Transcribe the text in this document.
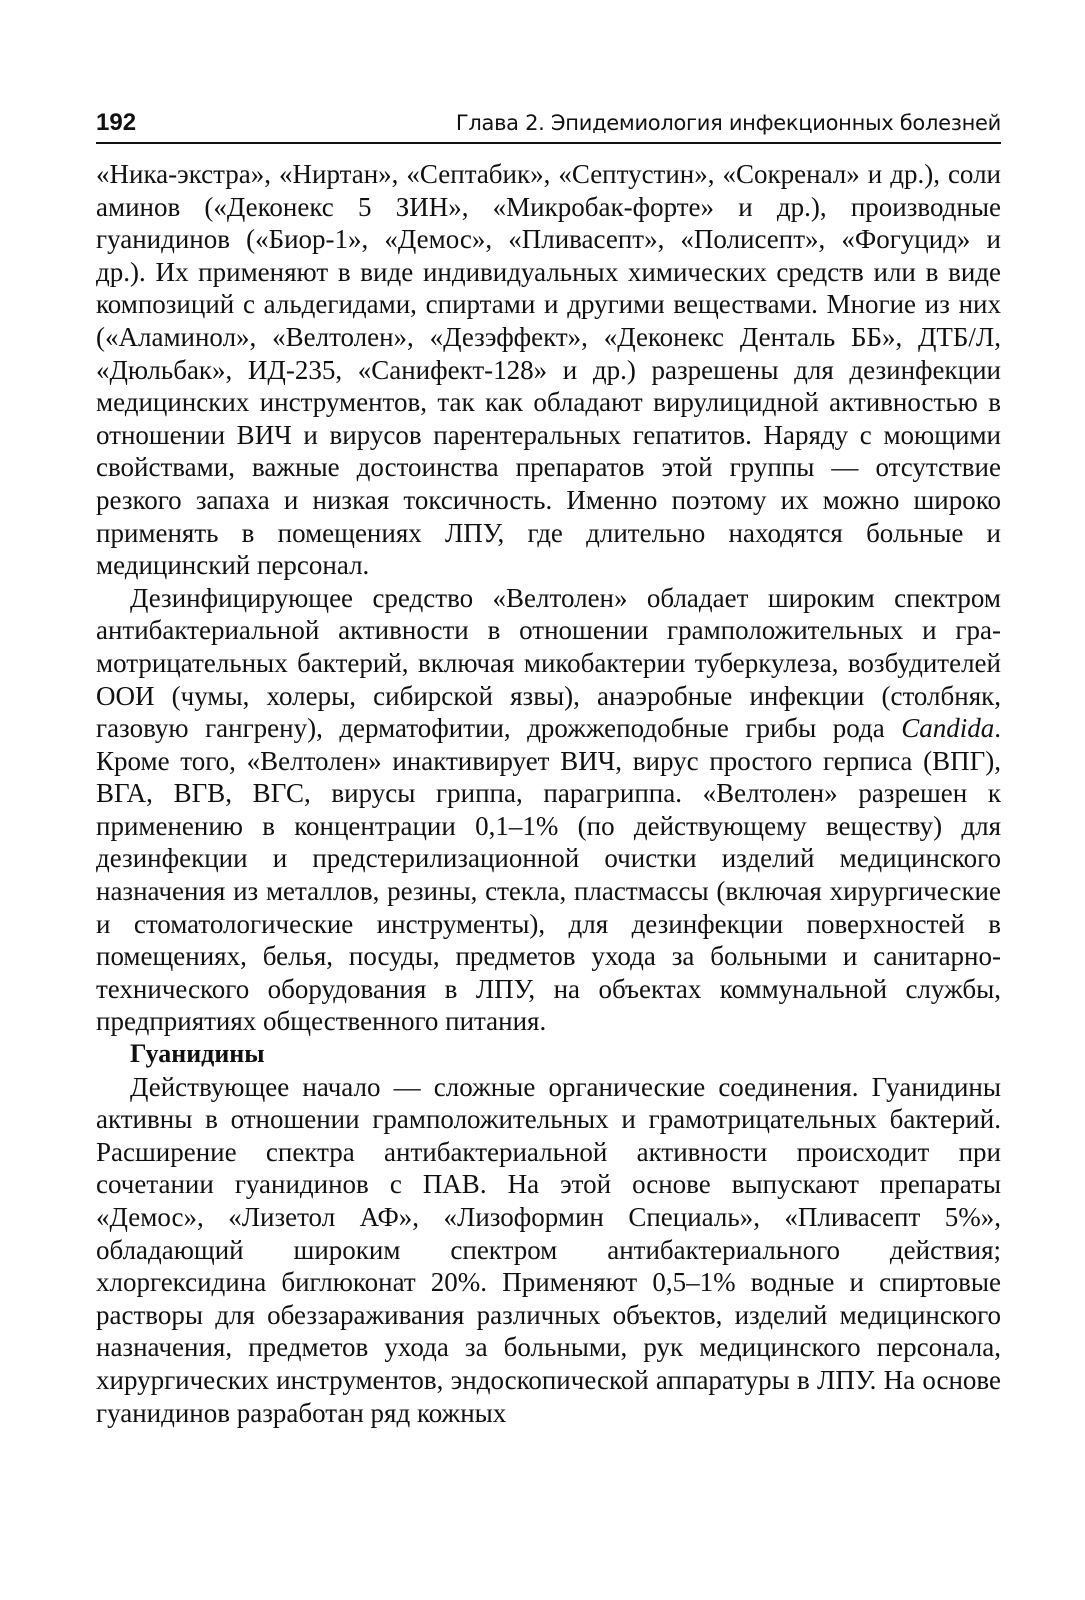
192	Глава 2. Эпидемиология инфекционных болезней

«Ника-экстра», «Ниртан», «Септабик», «Септустин», «Сокренал» и др.), соли аминов («Деконекс 5 ЗИН», «Микробак-форте» и др.), производные гуанидинов («Биор-1», «Демос», «Пливасепт», «Полисепт», «Фогуцид» и др.). Их применяют в виде индивидуальных химических средств или в виде композиций с альдегидами, спиртами и другими веществами. Многие из них («Аламинол», «Велтолен», «Дезэффект», «Деконекс Денталь ББ», ДТБ/Л, «Дюльбак», ИД-235, «Санифект-128» и др.) разрешены для дезинфекции медицинских инструментов, так как обладают вирулицидной активностью в отношении ВИЧ и вирусов парентеральных гепатитов. Наряду с моющими свойствами, важные достоинства препаратов этой группы — отсутствие резкого запаха и низкая токсичность. Именно поэтому их можно широко применять в помещениях ЛПУ, где длительно находятся больные и медицинский персонал.

Дезинфицирующее средство «Велтолен» обладает широким спектром антибактериальной активности в отношении грамположительных и грамотрицательных бактерий, включая микобактерии туберкулеза, возбудителей ООИ (чумы, холеры, сибирской язвы), анаэробные инфекции (столбняк, газовую гангрену), дерматофитии, дрожжеподобные грибы рода Candida. Кроме того, «Велтолен» инактивирует ВИЧ, вирус простого герписа (ВПГ), ВГА, ВГВ, ВГС, вирусы гриппа, парагриппа. «Велтолен» разрешен к применению в концентрации 0,1–1% (по действующему веществу) для дезинфекции и предстерилизационной очистки изделий медицинского назначения из металлов, резины, стекла, пластмассы (включая хирургические и стоматологические инструменты), для дезинфекции поверхностей в помещениях, белья, посуды, предметов ухода за больными и санитарно-технического оборудования в ЛПУ, на объектах коммунальной службы, предприятиях общественного питания.

Гуанидины

Действующее начало — сложные органические соединения. Гуанидины активны в отношении грамположительных и грамотрицательных бактерий. Расширение спектра антибактериальной активности происходит при сочетании гуанидинов с ПАВ. На этой основе выпускают препараты «Демос», «Лизетол АФ», «Лизоформин Специаль», «Пливасепт 5%», обладающий широким спектром антибактериального действия; хлоргексидина биглюконат 20%. Применяют 0,5–1% водные и спиртовые растворы для обеззараживания различных объектов, изделий медицинского назначения, предметов ухода за больными, рук медицинского персонала, хирургических инструментов, эндоскопической аппаратуры в ЛПУ. На основе гуанидинов разработан ряд кожных
